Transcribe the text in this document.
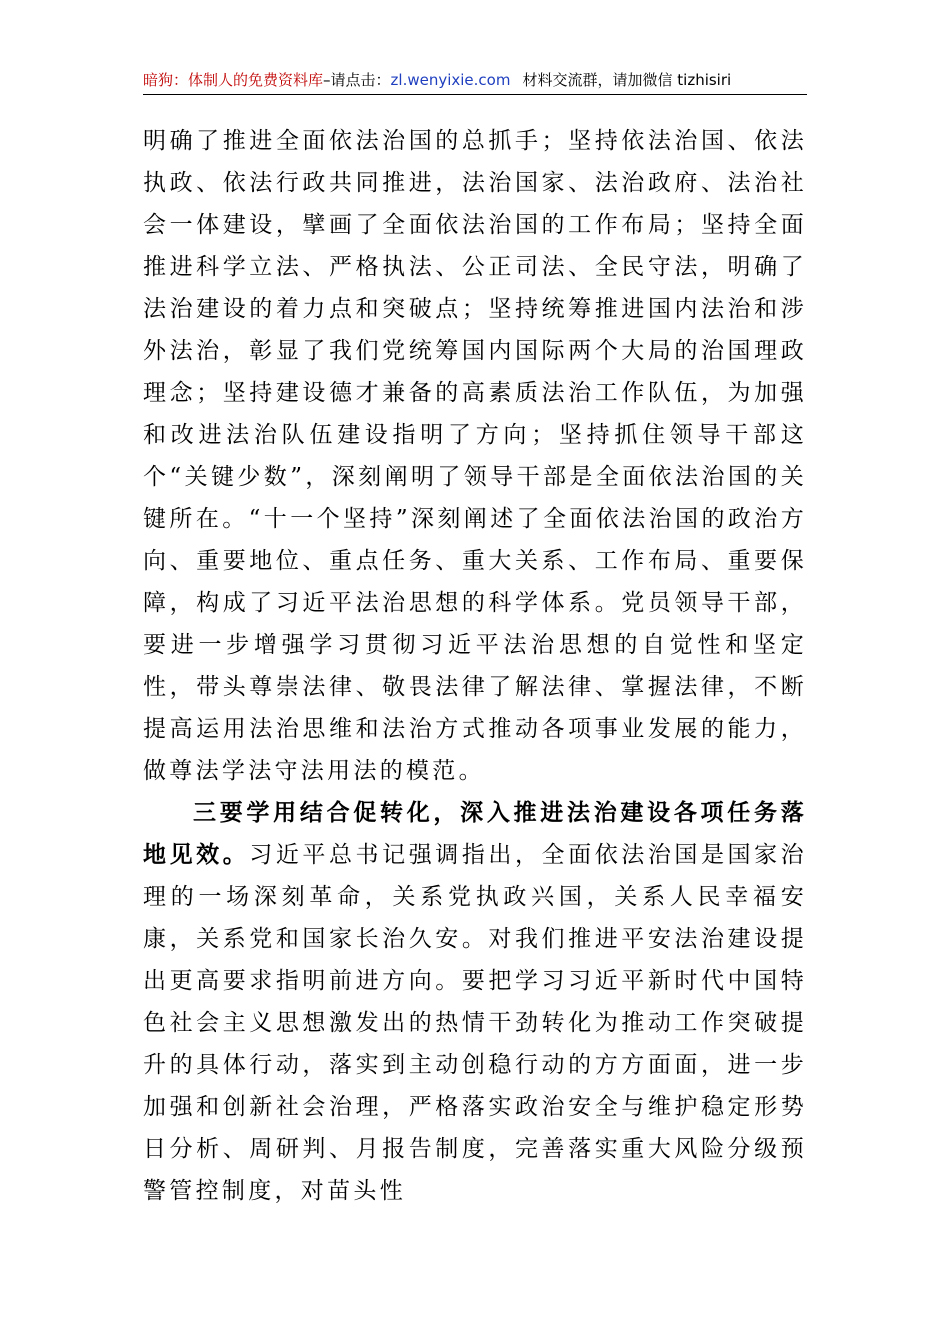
暗狗：体制人的免费资料库–请点击：zl.wenyixie.com 材料交流群，请加微信 tizhisiri

明确了推进全面依法治国的总抓手；坚持依法治国、依法执政、依法行政共同推进，法治国家、法治政府、法治社会一体建设，擘画了全面依法治国的工作布局；坚持全面推进科学立法、严格执法、公正司法、全民守法，明确了法治建设的着力点和突破点；坚持统筹推进国内法治和涉外法治，彰显了我们党统筹国内国际两个大局的治国理政理念；坚持建设德才兼备的高素质法治工作队伍，为加强和改进法治队伍建设指明了方向；坚持抓住领导干部这个“关键少数”，深刻阐明了领导干部是全面依法治国的关键所在。“十一个坚持”深刻阐述了全面依法治国的政治方向、重要地位、重点任务、重大关系、工作布局、重要保障，构成了习近平法治思想的科学体系。党员领导干部，要进一步增强学习贯彻习近平法治思想的自觉性和坚定性，带头尊崇法律、敬畏法律了解法律、掌握法律，不断提高运用法治思维和法治方式推动各项事业发展的能力，做尊法学法守法用法的模范。

三要学用结合促转化，深入推进法治建设各项任务落地见效。习近平总书记强调指出，全面依法治国是国家治理的一场深刻革命，关系党执政兴国，关系人民幸福安康，关系党和国家长治久安。对我们推进平安法治建设提出更高要求指明前进方向。要把学习习近平新时代中国特色社会主义思想激发出的热情干劲转化为推动工作突破提升的具体行动，落实到主动创稳行动的方方面面，进一步加强和创新社会治理，严格落实政治安全与维护稳定形势日分析、周研判、月报告制度，完善落实重大风险分级预警管控制度，对苗头性
